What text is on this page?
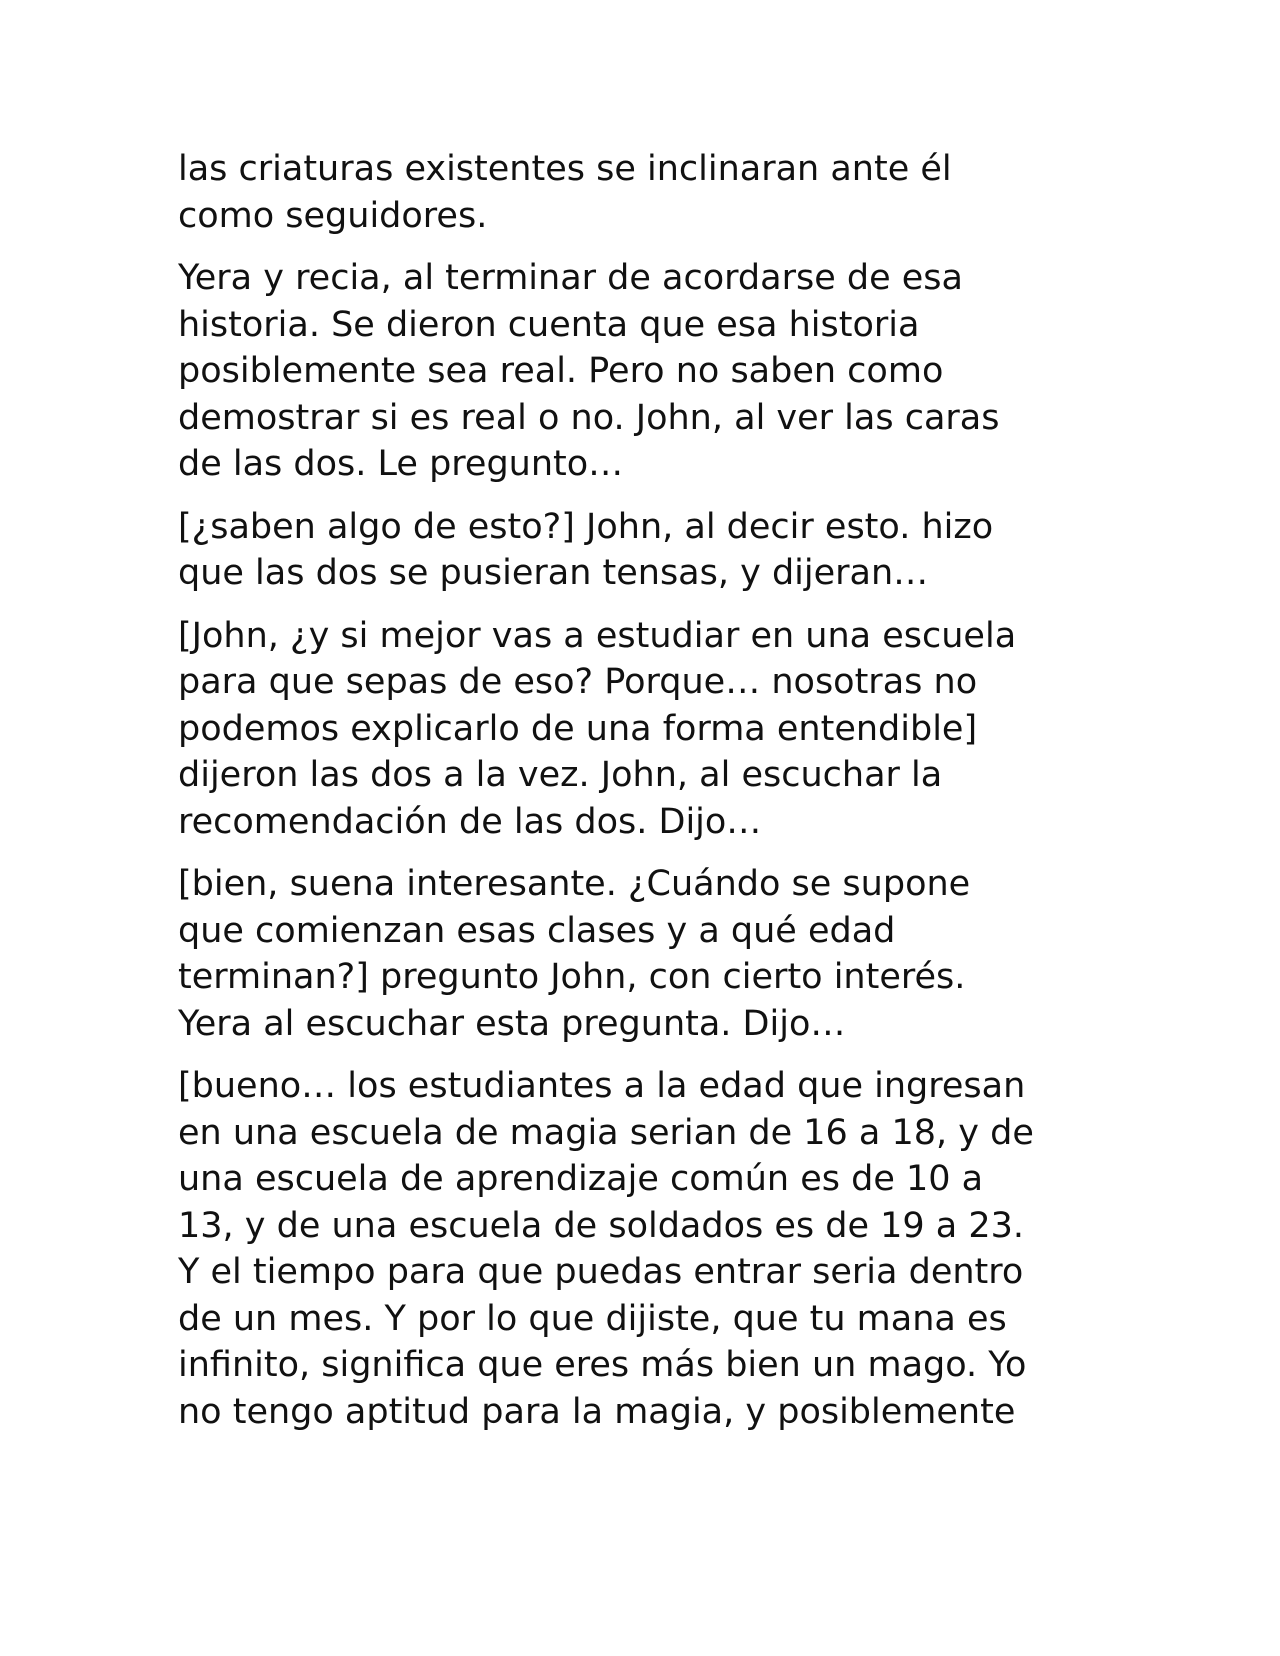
las criaturas existentes se inclinaran ante él
como seguidores.

Yera y recia, al terminar de acordarse de esa
historia. Se dieron cuenta que esa historia
posiblemente sea real. Pero no saben como
demostrar si es real o no. John, al ver las caras
de las dos. Le pregunto…

[¿saben algo de esto?] John, al decir esto. hizo
que las dos se pusieran tensas, y dijeran…

[John, ¿y si mejor vas a estudiar en una escuela
para que sepas de eso? Porque… nosotras no
podemos explicarlo de una forma entendible]
dijeron las dos a la vez. John, al escuchar la
recomendación de las dos. Dijo…

[bien, suena interesante. ¿Cuándo se supone
que comienzan esas clases y a qué edad
terminan?] pregunto John, con cierto interés.
Yera al escuchar esta pregunta. Dijo…

[bueno… los estudiantes a la edad que ingresan
en una escuela de magia serian de 16 a 18, y de
una escuela de aprendizaje común es de 10 a
13, y de una escuela de soldados es de 19 a 23.
Y el tiempo para que puedas entrar seria dentro
de un mes. Y por lo que dijiste, que tu mana es
infinito, significa que eres más bien un mago. Yo
no tengo aptitud para la magia, y posiblemente
